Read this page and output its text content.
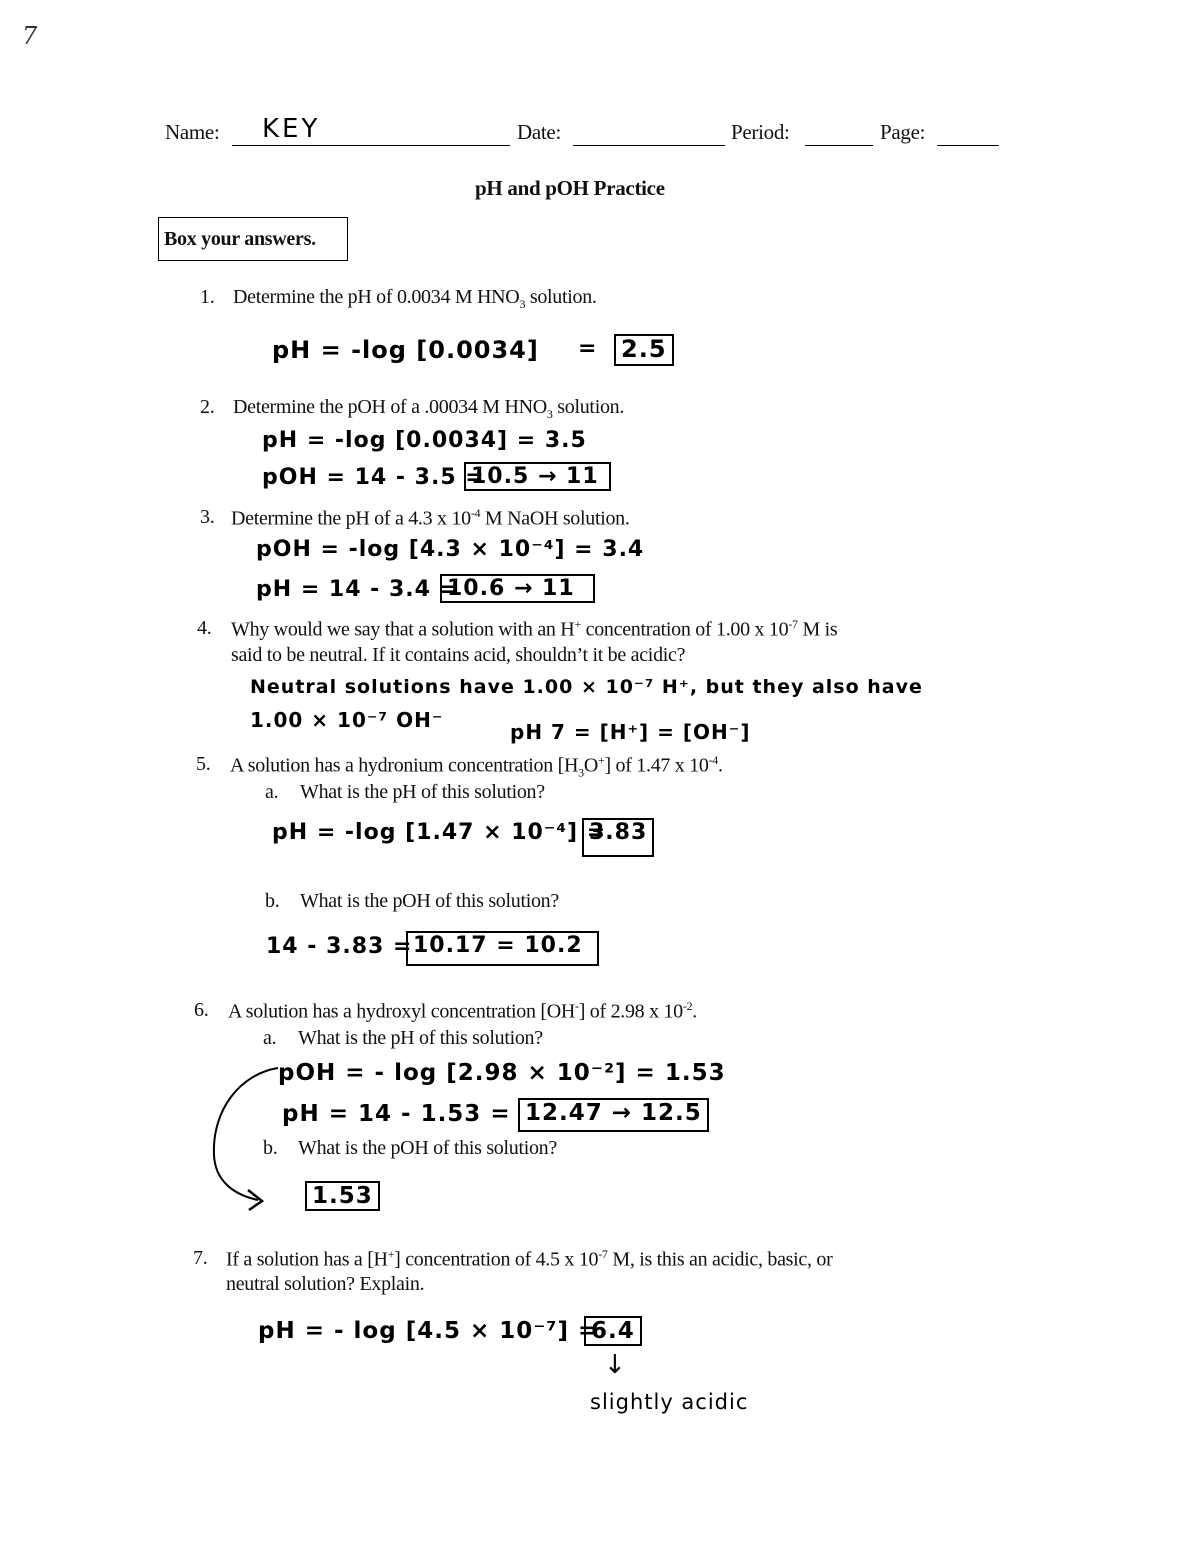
7
Name: KEY	Date:	Period:	Page:
pH and pOH Practice
Box your answers.
1. Determine the pH of 0.0034 M $HNO_3$ solution.
pH = -log [0.0034] = 2.5
2. Determine the pOH of a .00034 M $HNO_3$ solution.
pH = -log [0.0034] = 3.5
pOH = 14 - 3.5 =
10.5 → 11
3. Determine the pH of a 4.3 x $10^{-4}$ M NaOH solution.
pOH = -log [4.3 × 10⁻⁴] = 3.4
pH = 14 - 3.4 =
10.6 → 11
4. Why would we say that a solution with an H+ concentration of 1.00 x $10^{-7}$ M is
said to be neutral. If it contains acid, shouldn’t it be acidic?
Neutral solutions have 1.00 × 10⁻⁷ H⁺, but they also have
1.00 × 10⁻⁷ OH⁻	pH 7 = [H⁺] = [OH⁻]
5. A solution has a hydronium concentration $[H_3O^+]$ of 1.47 x $10^{-4}$.
a. What is the pH of this solution?
pH = -log [1.47 × 10⁻⁴] =
3.83
b. What is the pOH of this solution?
14 - 3.83 = 10.17 = 10.2
6. A solution has a hydroxyl concentration [OH-] of 2.98 x $10^{-2}$.
a. What is the pH of this solution?
pOH = - log [2.98 × 10⁻²] = 1.53
pH = 14 - 1.53 = 12.47 → 12.5
b. What is the pOH of this solution?
1.53
7. If a solution has a [H+] concentration of 4.5 x $10^{-7}$ M, is this an acidic, basic, or
neutral solution? Explain.
pH = - log [4.5 × 10⁻⁷] =
6.4
↓
slightly acidic
